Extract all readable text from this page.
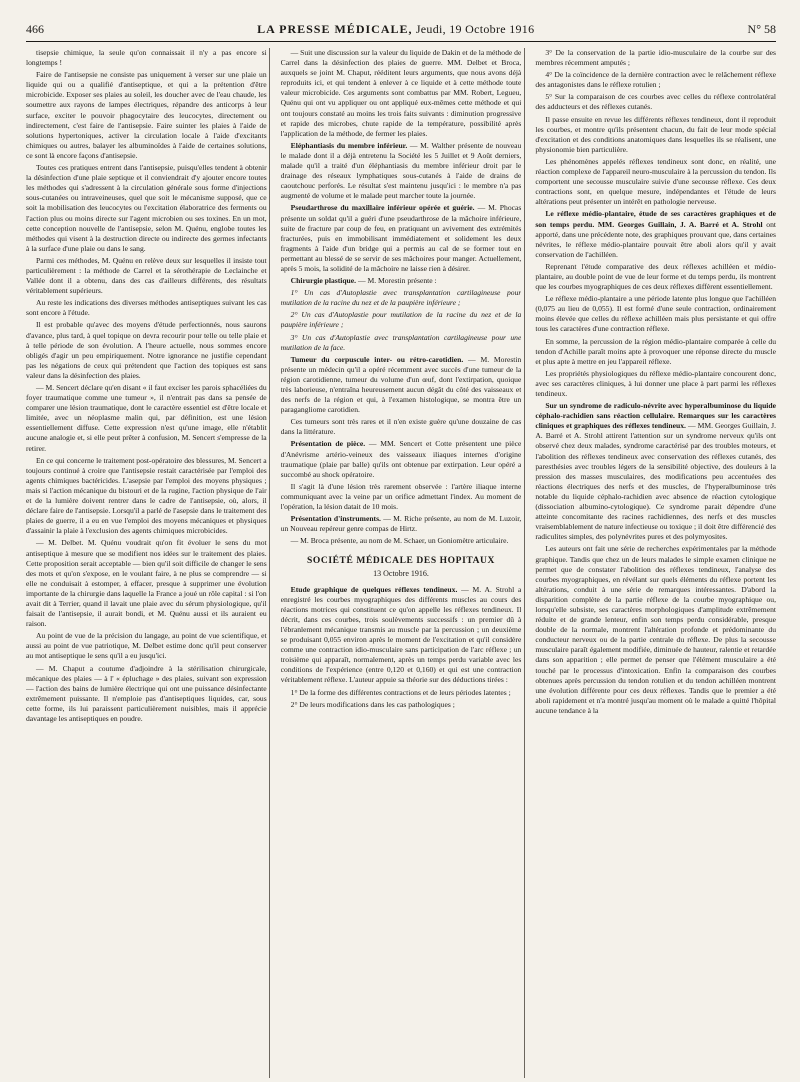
466	LA PRESSE MÉDICALE, Jeudi, 19 Octobre 1916	N° 58

tisepsie chimique, la seule qu'on connaissait il n'y a pas encore si longtemps !

Faire de l'antisepsie ne consiste pas uniquement à verser sur une plaie un liquide qui ou a qualifié d'antiseptique, et qui a la prétention d'être microbicide. Exposer ses plaies au soleil, les doucher avec de l'eau chaude, les soumettre aux rayons de lampes électriques, répandre des anticorps à leur surface, exciter le pouvoir phagocytaire des leucocytes, directement ou indirectement, c'est faire de l'antisepsie. Faire suinter les plaies à l'aide de solutions hypertoniques, activer la circulation locale à l'aide d'excitants chimiques ou autres, balayer les albuminoïdes à l'aide de certaines solutions, ce sont là encore façons d'antisepsie.

Toutes ces pratiques entrent dans l'antisepsie, puisqu'elles tendent à obtenir la désinfection d'une plaie septique et il conviendrait d'y ajouter encore toutes les méthodes qui s'adressent à la circulation générale sous forme d'injections sous-cutanées ou intraveineuses, quel que soit le mécanisme supposé, que ce soit la mobilisation des leucocytes ou l'excitation élaboratrice des ferments ou l'action plus ou moins directe sur l'agent microbien ou ses toxines. En un mot, cette conception nouvelle de l'antisepsie, selon M. Quénu, englobe toutes les méthodes qui visent à la destruction directe ou indirecte des germes infectants à la surface d'une plaie ou dans le sang.

Parmi ces méthodes, M. Quénu en relève deux sur lesquelles il insiste tout particulièrement : la méthode de Carrel et la sérothérapie de Leclainche et Vallée dont il a obtenu, dans des cas d'ailleurs différents, des résultats véritablement supérieurs.

Au reste les indications des diverses méthodes antiseptiques suivant les cas sont encore à l'étude.

Il est probable qu'avec des moyens d'étude perfectionnés, nous saurons d'avance, plus tard, à quel topique on devra recourir pour telle ou telle plaie et à telle période de son évolution. A l'heure actuelle, nous sommes encore obligés d'agir un peu empiriquement. Notre ignorance ne justifie cependant pas les négations de ceux qui prétendent que l'action des topiques est sans valeur dans la désinfection des plaies.

— M. Sencert déclare qu'en disant « il faut exciser les parois sphacéliées du foyer traumatique comme une tumeur », il n'entrait pas dans sa pensée de comparer une lésion traumatique, dont le caractère essentiel est d'être locale et limitée, avec un néoplasme malin qui, par définition, est une lésion essentiellement diffuse. Cette expression n'est qu'une image, elle n'établit aucune analogie et, si elle peut prêter à confusion, M. Sencert s'empresse de la retirer.

En ce qui concerne le traitement post-opératoire des blessures, M. Sencert a toujours continué à croire que l'antisepsie restait caractérisée par l'emploi des agents chimiques bactéricides. L'asepsie par l'emploi des moyens physiques ; mais si l'action mécanique du bistouri et de la rugine, l'action physique de l'air et de la lumière doivent rentrer dans le cadre de l'antisepsie, où, alors, il déclare faire de l'antisepsie. Lorsqu'il a parlé de l'asepsie dans le traitement des plaies de guerre, il a eu en vue l'emploi des moyens mécaniques et physiques d'assainir la plaie à l'exclusion des agents chimiques microbicides.

— M. Delbet. M. Quénu voudrait qu'on fit évoluer le sens du mot antiseptique à mesure que se modifient nos idées sur le traitement des plaies. Cette proposition serait acceptable — bien qu'il soit difficile de changer le sens des mots et qu'on s'expose, en le voulant faire, à ne plus se comprendre — si elle ne conduisait à estomper, à effacer, presque à supprimer une évolution importante de la chirurgie dans laquelle la France a joué un rôle capital : si l'on avait dit à Terrier, quand il lavait une plaie avec du sérum physiologique, qu'il faisait de l'antisepsie, il aurait bondi, et M. Quénu aussi et ils auraient eu raison.

Au point de vue de la précision du langage, au point de vue scientifique, et aussi au point de vue patriotique, M. Delbet estime donc qu'il peut conserver au mot antiseptique le sens qu'il a eu jusqu'ici.

— M. Chaput a coutume d'adjoindre à la stérilisation chirurgicale, mécanique des plaies — à l' « épluchage » des plaies, suivant son expression — l'action des bains de lumière électrique qui ont une puissance désinfectante extrêmement puissante. Il n'emploie pas d'antiseptiques liquides, car, sous cette forme, ils lui paraissent particulièrement nuisibles, mais il apprécie davantage les antiseptiques en poudre.

— Suit une discussion sur la valeur du liquide de Dakin et de la méthode de Carrel dans la désinfection des plaies de guerre. MM. Delbet et Broca, auxquels se joint M. Chaput, rééditent leurs arguments, que nous avons déjà reproduits ici, et qui tendent à enlever à ce liquide et à cette méthode toute valeur microbicide. Ces arguments sont combattus par MM. Robert, Legueu, Quénu qui ont vu appliquer ou ont appliqué eux-mêmes cette méthode et qui ont toujours constaté au moins les trois faits suivants : diminution progressive et rapide des microbes, chute rapide de la température, possibilité après l'application de la méthode, de fermer les plaies.

Eléphantiasis du membre inférieur. — M. Walther présente de nouveau le malade dont il a déjà entretenu la Société les 5 Juillet et 9 Août derniers, malade qu'il a traité d'un éléphantiasis du membre inférieur droit par le drainage des réseaux lymphatiques sous-cutanés à l'aide de drains de caoutchouc perforés. Le résultat s'est maintenu jusqu'ici : le membre n'a pas augmenté de volume et le malade peut marcher toute la journée.

Pseudarthrose du maxillaire inférieur opérée et guérie. — M. Phocas présente un soldat qu'il a guéri d'une pseudarthrose de la mâchoire inférieure, suite de fracture par coup de feu, en pratiquant un avivement des extrémités fracturées, puis en immobilisant immédiatement et solidement les deux fragments à l'aide d'un bridge qui a permis au cal de se former tout en permettant au blessé de se servir de ses mâchoires pour manger. Actuellement, après 5 mois, la solidité de la mâchoire ne laisse rien à désirer.

Chirurgie plastique. — M. Morestin présente :

1° Un cas d'Autoplastie avec transplantation cartilagineuse pour mutilation de la racine du nez et de la paupière inférieure ;

2° Un cas d'Autoplastie pour mutilation de la racine du nez et de la paupière inférieure ;

3° Un cas d'Autoplastie avec transplantation cartilagineuse pour une mutilation de la face.

Tumeur du corpuscule inter- ou rétro-carotidien. — M. Morestin présente un médecin qu'il a opéré récemment avec succès d'une tumeur de la région carotidienne, tumeur du volume d'un œuf, dont l'extirpation, quoique très laborieuse, n'entraîna heureusement aucun dégât du côté des vaisseaux et des nerfs de la région et qui, à l'examen histologique, se montra être un paragangliome carotidien.

Ces tumeurs sont très rares et il n'en existe guère qu'une douzaine de cas dans la littérature.

Présentation de pièce. — MM. Sencert et Cotte présentent une pièce d'Anévrisme artério-veineux des vaisseaux iliaques internes d'origine traumatique (plaie par balle) qu'ils ont obtenue par extirpation. Leur opéré a succombé au shock opératoire.

Il s'agit là d'une lésion très rarement observée : l'artère iliaque interne communiquant avec la veine par un orifice admettant l'index. Au moment de l'opération, la lésion datait de 10 mois.

Présentation d'instruments. — M. Riche présente, au nom de M. Luzoir, un Nouveau repéreur genre compas de Hirtz.

— M. Broca présente, au nom de M. Schaer, un Goniomètre articulaire.

SOCIÉTÉ MÉDICALE DES HOPITAUX
13 Octobre 1916.

Etude graphique de quelques réflexes tendineux. — M. A. Strohl a enregistré les courbes myographiques des différents muscles au cours des réactions motrices qui constituent ce qu'on appelle les réflexes tendineux. Il décrit, dans ces courbes, trois soulèvements successifs : un premier dû à l'ébranlement mécanique transmis au muscle par la percussion ; un deuxième se produisant 0,055 environ après le moment de l'excitation et qu'il considère comme une contraction idio-musculaire sans participation de l'arc réflexe ; un troisième qui apparaît, normalement, après un temps perdu variable avec les conditions de l'expérience (entre 0,120 et 0,160) et qui est une contraction véritablement réflexe. L'auteur appuie sa théorie sur des déductions tirées :

1° De la forme des différentes contractions et de leurs périodes latentes ;

2° De leurs modifications dans les cas pathologiques ;

3° De la conservation de la partie idio-musculaire de la courbe sur des membres récemment amputés ;

4° De la coïncidence de la dernière contraction avec le relâchement réflexe des antagonistes dans le réflexe rotulien ;

5° Sur la comparaison de ces courbes avec celles du réflexe controlatéral des adducteurs et des réflexes cutanés.

Il passe ensuite en revue les différents réflexes tendineux, dont il reproduit les courbes, et montre qu'ils présentent chacun, du fait de leur mode spécial d'excitation et des conditions anatomiques dans lesquelles ils se réalisent, une physionomie bien particulière.

Les phénomènes appelés réflexes tendineux sont donc, en réalité, une réaction complexe de l'appareil neuro-musculaire à la percussion du tendon. Ils comportent une secousse musculaire suivie d'une secousse réflexe. Ces deux contractions sont, en quelque mesure, indépendantes et l'étude de leurs altérations peut présenter un intérêt en pathologie nerveuse.

Le réflexe médio-plantaire, étude de ses caractères graphiques et de son temps perdu. MM. Georges Guillain, J. A. Barré et A. Strohl ont apporté, dans une précédente note, des graphiques prouvant que, dans certaines névrites, le réflexe médio-plantaire pouvait être aboli alors qu'il y avait conservation de l'achilléen.

Reprenant l'étude comparative des deux réflexes achilléen et médio-plantaire, au double point de vue de leur forme et du temps perdu, ils montrent que les courbes myographiques de ces deux réflexes diffèrent essentiellement.

Le réflexe médio-plantaire a une période latente plus longue que l'achilléen (0,075 au lieu de 0,055). Il est formé d'une seule contraction, ordinairement moins élevée que celles du réflexe achilléen mais plus persistante et qui offre tous les caractères d'une contraction réflexe.

En somme, la percussion de la région médio-plantaire comparée à celle du tendon d'Achille paraît moins apte à provoquer une réponse directe du muscle et plus apte à mettre en jeu l'appareil réflexe.

Les propriétés physiologiques du réflexe médio-plantaire concourent donc, avec ses caractères cliniques, à lui donner une place à part parmi les réflexes tendineux.

Sur un syndrome de radiculo-névrite avec hyperalbuminose du liquide céphalo-rachidien sans réaction cellulaire. Remarques sur les caractères cliniques et graphiques des réflexes tendineux. — MM. Georges Guillain, J. A. Barré et A. Strohl attirent l'attention sur un syndrome nerveux qu'ils ont observé chez deux malades, syndrome caractérisé par des troubles moteurs, et l'abolition des réflexes tendineux avec conservation des réflexes cutanés, des paresthésies avec troubles légers de la sensibilité objective, des douleurs à la pression des masses musculaires, des modifications peu accentuées des réactions électriques des nerfs et des muscles, de l'hyperalbuminose très notable du liquide céphalo-rachidien avec absence de réaction cytologique (dissociation albumino-cytologique). Ce syndrome parait dépendre d'une atteinte concomitante des racines rachidiennes, des nerfs et des muscles vraisemblablement de nature infectieuse ou toxique ; il doit être différencié des radiculites simples, des polynévrites pures et des polymyosites.

Les auteurs ont fait une série de recherches expérimentales par la méthode graphique. Tandis que chez un de leurs malades le simple examen clinique ne permet que de constater l'abolition des réflexes tendineux, l'analyse des courbes myographiques, en révélant sur quels éléments du réflexe portent les altérations, conduit à une série de remarques intéressantes. D'abord la disparition complète de la partie réflexe de la courbe myographique ou, lorsqu'elle subsiste, ses caractères morphologiques d'amplitude extrêmement réduite et de grande lenteur, enfin son temps perdu considérable, presque double de la normale, montrent l'altération profonde et prédominante du conducteur nerveux ou de la partie centrale du réflexe. De plus la secousse musculaire paraît également modifiée, diminuée de hauteur, ralentie et retardée dans son apparition ; elle permet de penser que l'élément musculaire a été touché par le processus d'intoxication. Enfin la comparaison des courbes obtenues après percussion du tendon rotulien et du tendon achilléen montrent une évolution différente pour ces deux réflexes. Tandis que le premier a été aboli rapidement et n'a montré jusqu'au moment où le malade a quitté l'hôpital aucune tendance à la
